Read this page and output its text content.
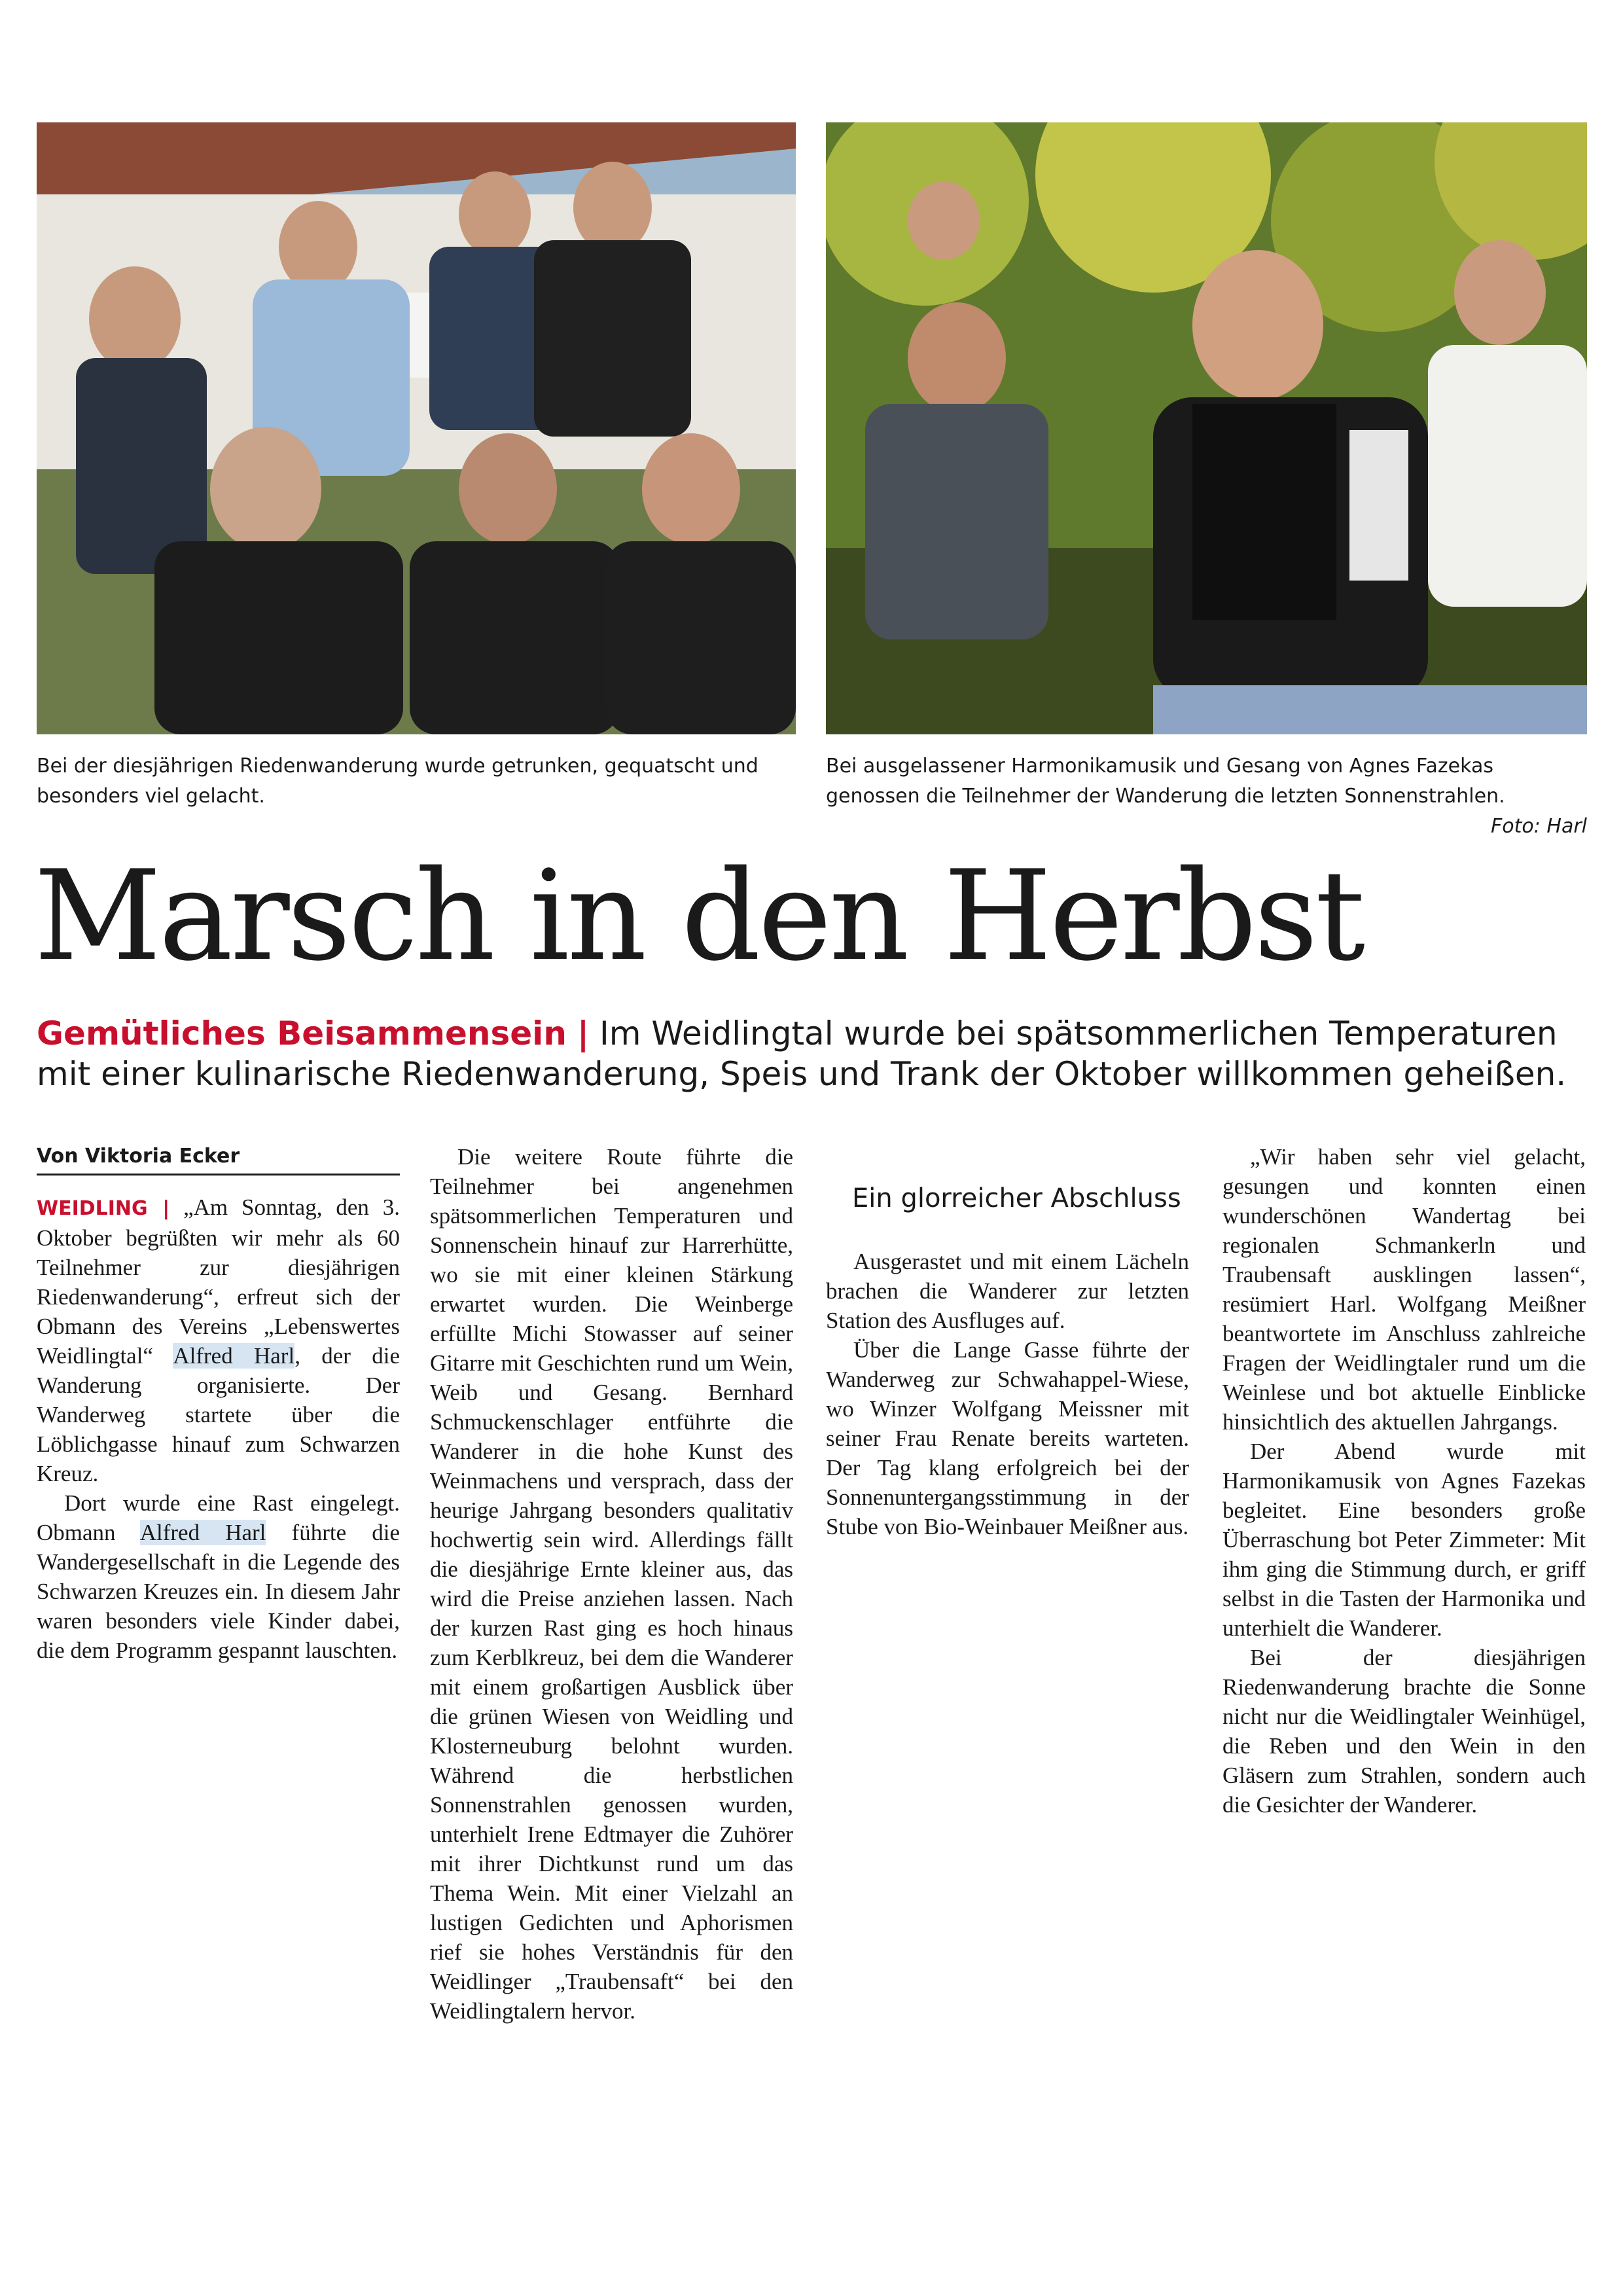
Bei der diesjährigen Riedenwanderung wurde getrunken, gequatscht und besonders viel gelacht.
Bei ausgelassener Harmonikamusik und Gesang von Agnes Fazekas genossen die Teilnehmer der Wanderung die letzten Sonnenstrahlen.
Foto: Harl
Marsch in den Herbst
Gemütliches Beisammensein | Im Weidlingtal wurde bei spätsommerlichen Temperaturen mit einer kulinarische Riedenwanderung, Speis und Trank der Oktober willkommen geheißen.
Von Viktoria Ecker

WEIDLING | „Am Sonntag, den 3. Oktober begrüßten wir mehr als 60 Teilnehmer zur diesjährigen Riedenwanderung“, erfreut sich der Obmann des Vereins „Lebenswertes Weidlingtal“ Alfred Harl, der die Wanderung organisierte. Der Wanderweg startete über die Löblichgasse hinauf zum Schwarzen Kreuz.

Dort wurde eine Rast eingelegt. Obmann Alfred Harl führte die Wandergesellschaft in die Legende des Schwarzen Kreuzes ein. In diesem Jahr waren besonders viele Kinder dabei, die dem Programm gespannt lauschten.

Die weitere Route führte die Teilnehmer bei angenehmen spätsommerlichen Temperaturen und Sonnenschein hinauf zur Harrerhütte, wo sie mit einer kleinen Stärkung erwartet wurden. Die Weinberge erfüllte Michi Stowasser auf seiner Gitarre mit Geschichten rund um Wein, Weib und Gesang. Bernhard Schmuckenschlager entführte die Wanderer in die hohe Kunst des Weinmachens und versprach, dass der heurige Jahrgang besonders qualitativ hochwertig sein wird. Allerdings fällt die diesjährige Ernte kleiner aus, das wird die Preise anziehen lassen. Nach der kurzen Rast ging es hoch hinaus zum Kerblkreuz, bei dem die Wanderer mit einem großartigen Ausblick über die grünen Wiesen von Weidling und Klosterneuburg belohnt wurden. Während die herbstlichen Sonnenstrahlen genossen wurden, unterhielt Irene Edtmayer die Zuhörer mit ihrer Dichtkunst rund um das Thema Wein. Mit einer Vielzahl an lustigen Gedichten und Aphorismen rief sie hohes Verständnis für den Weidlinger „Traubensaft“ bei den Weidlingtalern hervor.

Ein glorreicher Abschluss

Ausgerastet und mit einem Lächeln brachen die Wanderer zur letzten Station des Ausfluges auf.

Über die Lange Gasse führte der Wanderweg zur Schwahappel-Wiese, wo Winzer Wolfgang Meissner mit seiner Frau Renate bereits warteten. Der Tag klang erfolgreich bei der Sonnenuntergangsstimmung in der Stube von Bio-Weinbauer Meißner aus.

„Wir haben sehr viel gelacht, gesungen und konnten einen wunderschönen Wandertag bei regionalen Schmankerln und Traubensaft ausklingen lassen“, resümiert Harl. Wolfgang Meißner beantwortete im Anschluss zahlreiche Fragen der Weidlingtaler rund um die Weinlese und bot aktuelle Einblicke hinsichtlich des aktuellen Jahrgangs.

Der Abend wurde mit Harmonikamusik von Agnes Fazekas begleitet. Eine besonders große Überraschung bot Peter Zimmeter: Mit ihm ging die Stimmung durch, er griff selbst in die Tasten der Harmonika und unterhielt die Wanderer.

Bei der diesjährigen Riedenwanderung brachte die Sonne nicht nur die Weidlingtaler Weinhügel, die Reben und den Wein in den Gläsern zum Strahlen, sondern auch die Gesichter der Wanderer.
